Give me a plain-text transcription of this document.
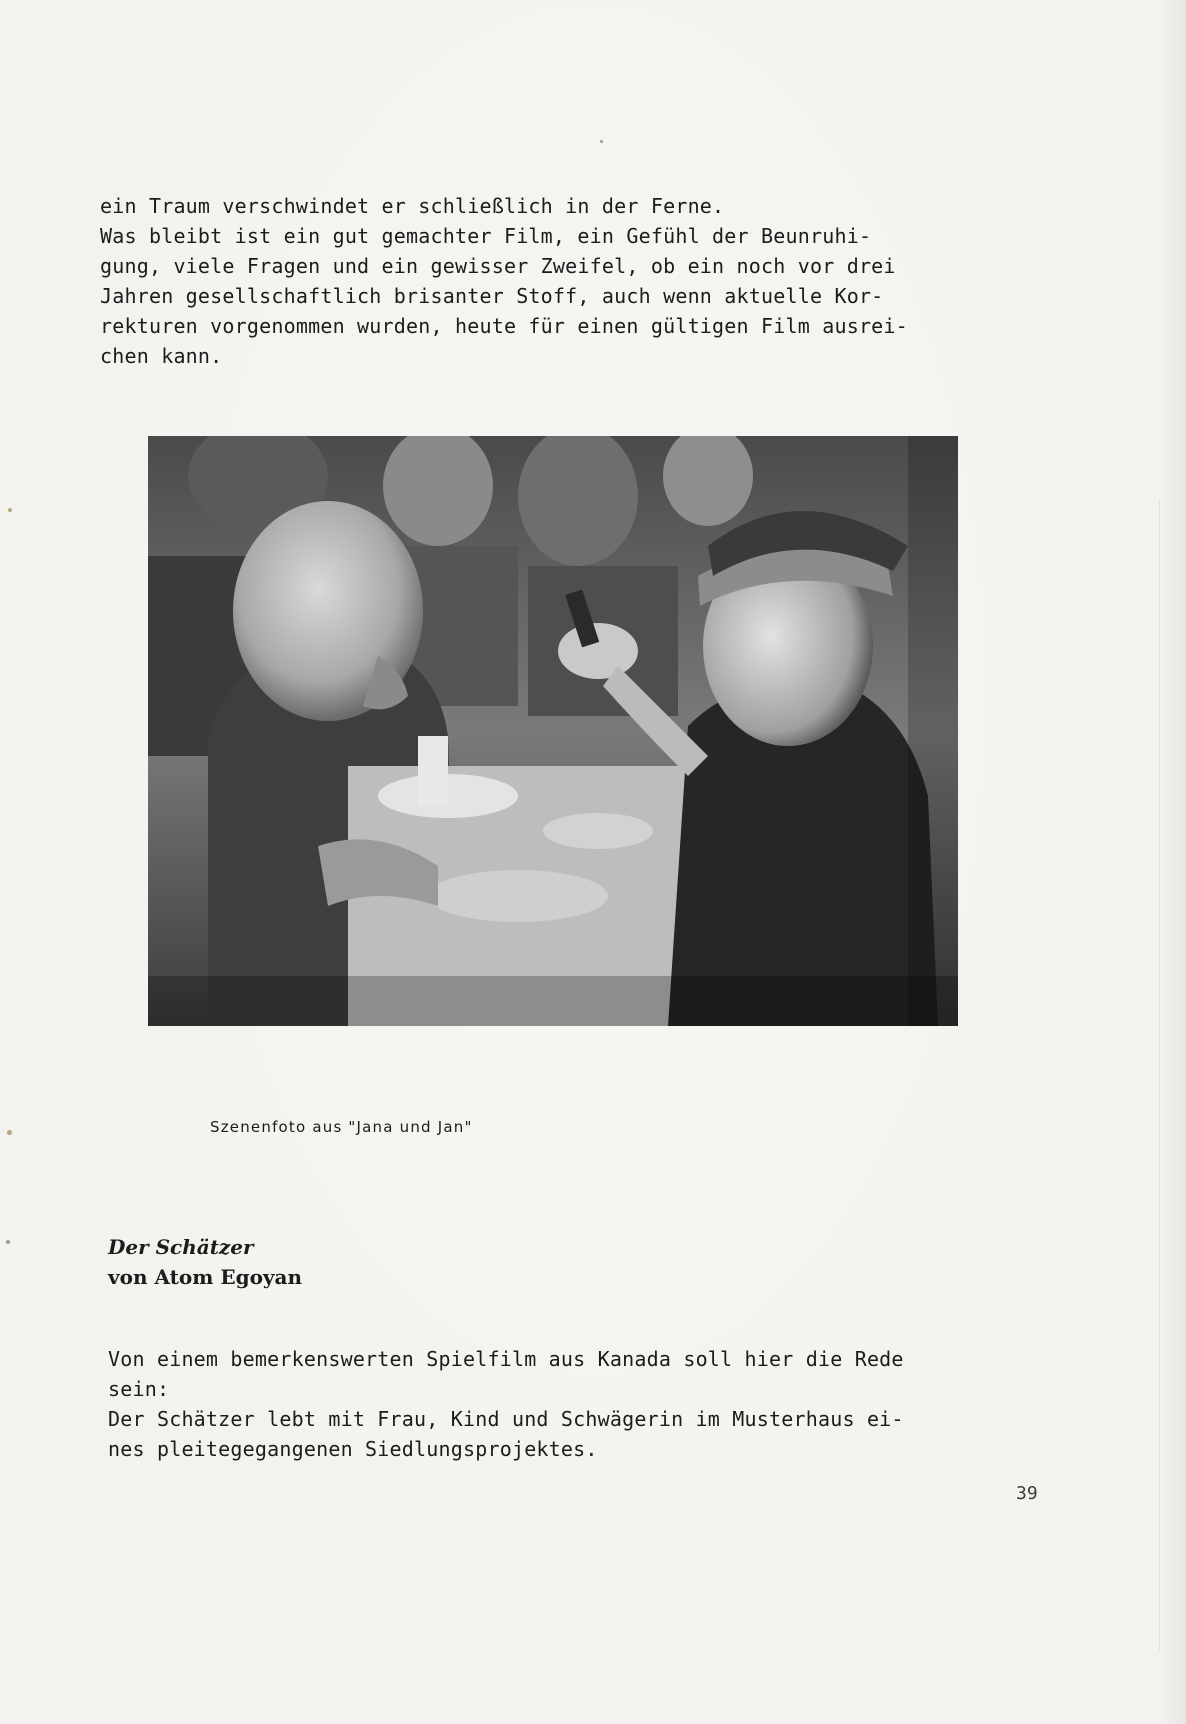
ein Traum verschwindet er schließlich in der Ferne.
Was bleibt ist ein gut gemachter Film, ein Gefühl der Beunruhi-
gung, viele Fragen und ein gewisser Zweifel, ob ein noch vor drei
Jahren gesellschaftlich brisanter Stoff, auch wenn aktuelle Kor-
rekturen vorgenommen wurden, heute für einen gültigen Film ausrei-
chen kann.
Szenenfoto aus "Jana und Jan"
Der Schätzer
von Atom Egoyan
Von einem bemerkenswerten Spielfilm aus Kanada soll hier die Rede
sein:
Der Schätzer lebt mit Frau, Kind und Schwägerin im Musterhaus ei-
nes pleitegegangenen Siedlungsprojektes.
39
